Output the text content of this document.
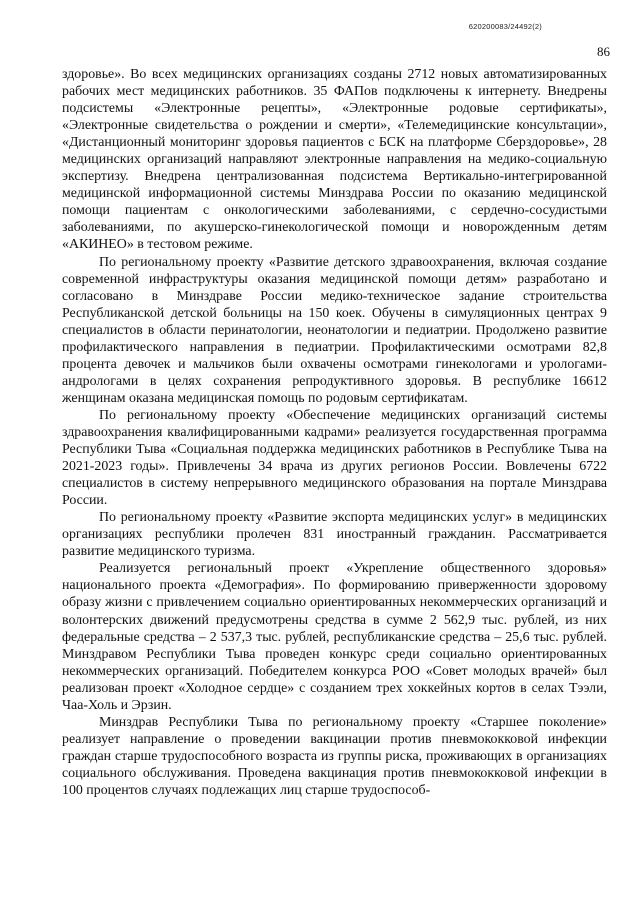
620200083/24492(2)
86

здоровье». Во всех медицинских организациях созданы 2712 новых автоматизированных рабочих мест медицинских работников. 35 ФАПов подключены к интернету. Внедрены подсистемы «Электронные рецепты», «Электронные родовые сертификаты», «Электронные свидетельства о рождении и смерти», «Телемедицинские консультации», «Дистанционный мониторинг здоровья пациентов с БСК на платформе Сберздоровье», 28 медицинских организаций направляют электронные направления на медико-социальную экспертизу. Внедрена централизованная подсистема Вертикально-интегрированной медицинской информационной системы Минздрава России по оказанию медицинской помощи пациентам с онкологическими заболеваниями, с сердечно-сосудистыми заболеваниями, по акушерско-гинекологической помощи и новорожденным детям «АКИНЕО» в тестовом режиме.

По региональному проекту «Развитие детского здравоохранения, включая создание современной инфраструктуры оказания медицинской помощи детям» разработано и согласовано в Минздраве России медико-техническое задание строительства Республиканской детской больницы на 150 коек. Обучены в симуляционных центрах 9 специалистов в области перинатологии, неонатологии и педиатрии. Продолжено развитие профилактического направления в педиатрии. Профилактическими осмотрами 82,8 процента девочек и мальчиков были охвачены осмотрами гинекологами и урологами-андрологами в целях сохранения репродуктивного здоровья. В республике 16612 женщинам оказана медицинская помощь по родовым сертификатам.

По региональному проекту «Обеспечение медицинских организаций системы здравоохранения квалифицированными кадрами» реализуется государственная программа Республики Тыва «Социальная поддержка медицинских работников в Республике Тыва на 2021-2023 годы». Привлечены 34 врача из других регионов России. Вовлечены 6722 специалистов в систему непрерывного медицинского образования на портале Минздрава России.

По региональному проекту «Развитие экспорта медицинских услуг» в медицинских организациях республики пролечен 831 иностранный гражданин. Рассматривается развитие медицинского туризма.

Реализуется региональный проект «Укрепление общественного здоровья» национального проекта «Демография». По формированию приверженности здоровому образу жизни с привлечением социально ориентированных некоммерческих организаций и волонтерских движений предусмотрены средства в сумме 2 562,9 тыс. рублей, из них федеральные средства – 2 537,3 тыс. рублей, республиканские средства – 25,6 тыс. рублей. Минздравом Республики Тыва проведен конкурс среди социально ориентированных некоммерческих организаций. Победителем конкурса РОО «Совет молодых врачей» был реализован проект «Холодное сердце» с созданием трех хоккейных кортов в селах Тээли, Чаа-Холь и Эрзин.

Минздрав Республики Тыва по региональному проекту «Старшее поколение» реализует направление о проведении вакцинации против пневмококковой инфекции граждан старше трудоспособного возраста из группы риска, проживающих в организациях социального обслуживания. Проведена вакцинация против пневмококковой инфекции в 100 процентов случаях подлежащих лиц старше трудоспособ-
